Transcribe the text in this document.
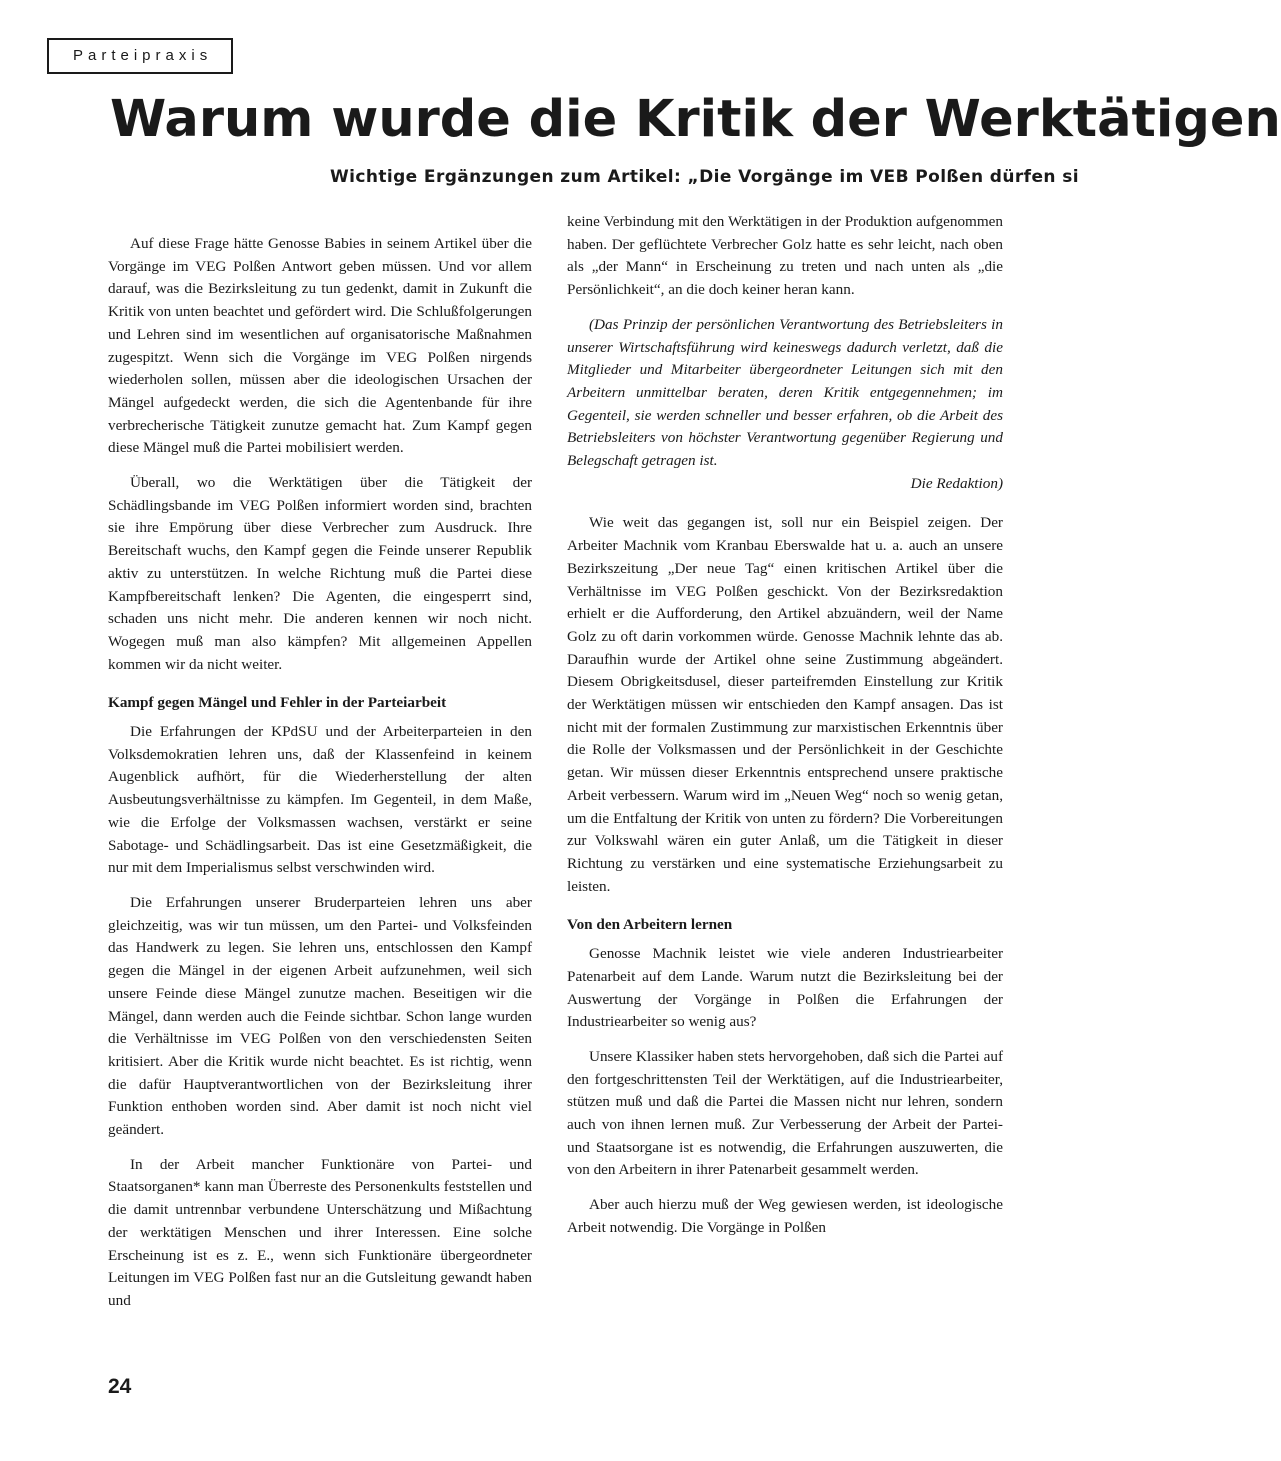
Parteipraxis
Warum wurde die Kritik der Werktätigen
Wichtige Ergänzungen zum Artikel: „Die Vorgänge im VEB Polßen dürfen si

Auf diese Frage hätte Genosse Babies in seinem Artikel über die Vorgänge im VEG Polßen Antwort geben müssen. Und vor allem darauf, was die Bezirksleitung zu tun gedenkt, damit in Zukunft die Kritik von unten beachtet und gefördert wird. Die Schlußfolgerungen und Lehren sind im wesentlichen auf organisatorische Maßnahmen zugespitzt. Wenn sich die Vorgänge im VEG Polßen nirgends wiederholen sollen, müssen aber die ideologischen Ursachen der Mängel aufgedeckt werden, die sich die Agentenbande für ihre verbrecherische Tätigkeit zunutze gemacht hat. Zum Kampf gegen diese Mängel muß die Partei mobilisiert werden.

Überall, wo die Werktätigen über die Tätigkeit der Schädlingsbande im VEG Polßen informiert worden sind, brachten sie ihre Empörung über diese Verbrecher zum Ausdruck. Ihre Bereitschaft wuchs, den Kampf gegen die Feinde unserer Republik aktiv zu unterstützen. In welche Richtung muß die Partei diese Kampfbereitschaft lenken? Die Agenten, die eingesperrt sind, schaden uns nicht mehr. Die anderen kennen wir noch nicht. Wogegen muß man also kämpfen? Mit allgemeinen Appellen kommen wir da nicht weiter.

Kampf gegen Mängel und Fehler in der Parteiarbeit

Die Erfahrungen der KPdSU und der Arbeiterparteien in den Volksdemokratien lehren uns, daß der Klassenfeind in keinem Augenblick aufhört, für die Wiederherstellung der alten Ausbeutungsverhältnisse zu kämpfen. Im Gegenteil, in dem Maße, wie die Erfolge der Volksmassen wachsen, verstärkt er seine Sabotage- und Schädlingsarbeit. Das ist eine Gesetzmäßigkeit, die nur mit dem Imperialismus selbst verschwinden wird.

Die Erfahrungen unserer Bruderparteien lehren uns aber gleichzeitig, was wir tun müssen, um den Partei- und Volksfeinden das Handwerk zu legen. Sie lehren uns, entschlossen den Kampf gegen die Mängel in der eigenen Arbeit aufzunehmen, weil sich unsere Feinde diese Mängel zunutze machen. Beseitigen wir die Mängel, dann werden auch die Feinde sichtbar. Schon lange wurden die Verhältnisse im VEG Polßen von den verschiedensten Seiten kritisiert. Aber die Kritik wurde nicht beachtet. Es ist richtig, wenn die dafür Hauptverantwortlichen von der Bezirksleitung ihrer Funktion enthoben worden sind. Aber damit ist noch nicht viel geändert.

In der Arbeit mancher Funktionäre von Partei- und Staatsorganen* kann man Überreste des Personenkults feststellen und die damit untrennbar verbundene Unterschätzung und Mißachtung der werktätigen Menschen und ihrer Interessen. Eine solche Erscheinung ist es z. E., wenn sich Funktionäre übergeordneter Leitungen im VEG Polßen fast nur an die Gutsleitung gewandt haben und

keine Verbindung mit den Werktätigen in der Produktion aufgenommen haben. Der geflüchtete Verbrecher Golz hatte es sehr leicht, nach oben als „der Mann“ in Erscheinung zu treten und nach unten als „die Persönlichkeit“, an die doch keiner heran kann.

(Das Prinzip der persönlichen Verantwortung des Betriebsleiters in unserer Wirtschaftsführung wird keineswegs dadurch verletzt, daß die Mitglieder und Mitarbeiter übergeordneter Leitungen sich mit den Arbeitern unmittelbar beraten, deren Kritik entgegennehmen; im Gegenteil, sie werden schneller und besser erfahren, ob die Arbeit des Betriebsleiters von höchster Verantwortung gegenüber Regierung und Belegschaft getragen ist.

Die Redaktion)

Wie weit das gegangen ist, soll nur ein Beispiel zeigen. Der Arbeiter Machnik vom Kranbau Eberswalde hat u. a. auch an unsere Bezirkszeitung „Der neue Tag“ einen kritischen Artikel über die Verhältnisse im VEG Polßen geschickt. Von der Bezirksredaktion erhielt er die Aufforderung, den Artikel abzuändern, weil der Name Golz zu oft darin vorkommen würde. Genosse Machnik lehnte das ab. Daraufhin wurde der Artikel ohne seine Zustimmung abgeändert. Diesem Obrigkeitsdusel, dieser parteifremden Einstellung zur Kritik der Werktätigen müssen wir entschieden den Kampf ansagen. Das ist nicht mit der formalen Zustimmung zur marxistischen Erkenntnis über die Rolle der Volksmassen und der Persönlichkeit in der Geschichte getan. Wir müssen dieser Erkenntnis entsprechend unsere praktische Arbeit verbessern. Warum wird im „Neuen Weg“ noch so wenig getan, um die Entfaltung der Kritik von unten zu fördern? Die Vorbereitungen zur Volkswahl wären ein guter Anlaß, um die Tätigkeit in dieser Richtung zu verstärken und eine systematische Erziehungsarbeit zu leisten.

Von den Arbeitern lernen

Genosse Machnik leistet wie viele anderen Industriearbeiter Patenarbeit auf dem Lande. Warum nutzt die Bezirksleitung bei der Auswertung der Vorgänge in Polßen die Erfahrungen der Industriearbeiter so wenig aus?

Unsere Klassiker haben stets hervorgehoben, daß sich die Partei auf den fortgeschrittensten Teil der Werktätigen, auf die Industriearbeiter, stützen muß und daß die Partei die Massen nicht nur lehren, sondern auch von ihnen lernen muß. Zur Verbesserung der Arbeit der Partei- und Staatsorgane ist es notwendig, die Erfahrungen auszuwerten, die von den Arbeitern in ihrer Patenarbeit gesammelt werden.

Aber auch hierzu muß der Weg gewiesen werden, ist ideologische Arbeit notwendig. Die Vorgänge in Polßen

24
